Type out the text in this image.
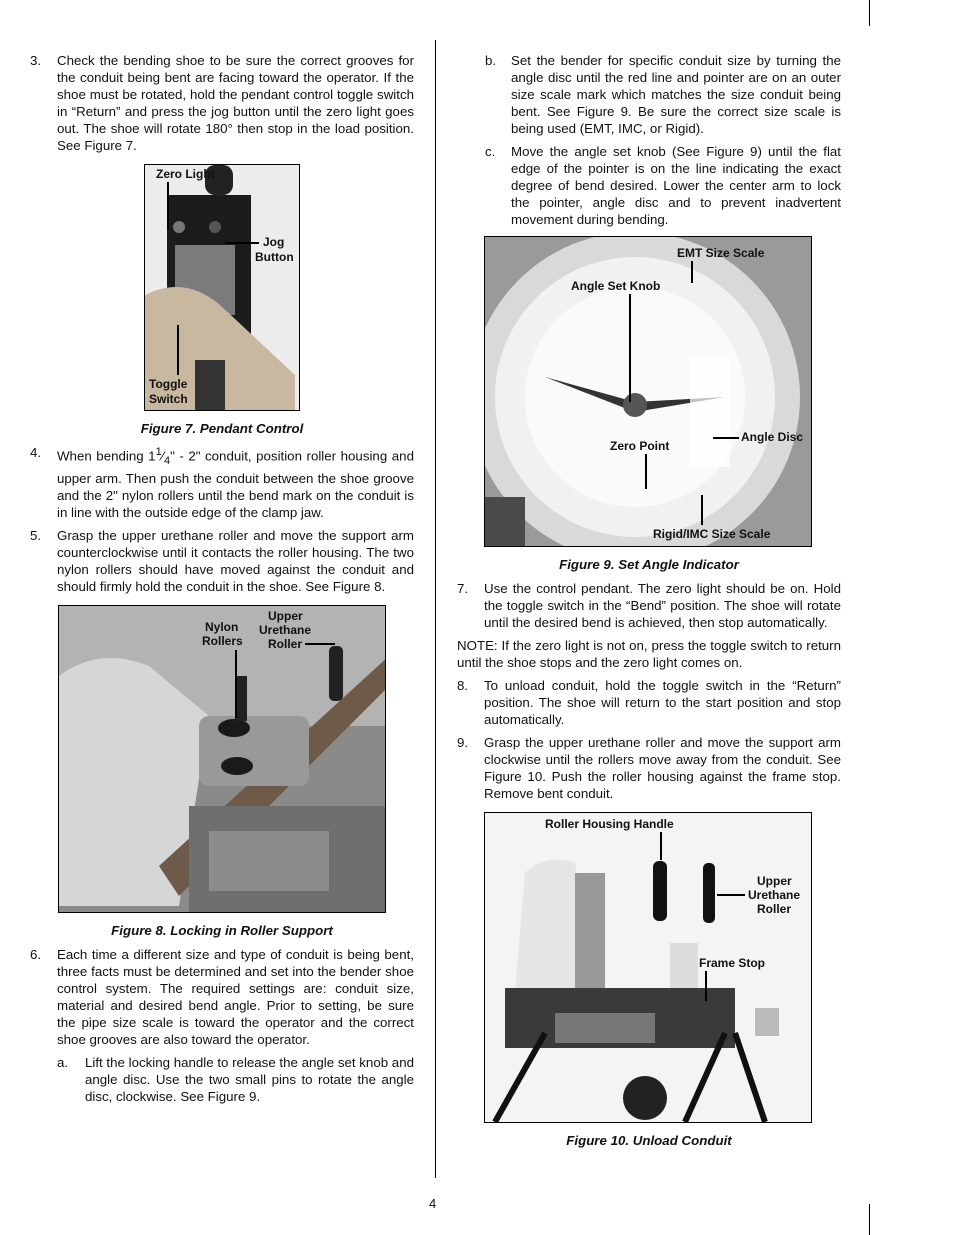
3. Check the bending shoe to be sure the correct grooves for the conduit being bent are facing toward the operator. If the shoe must be rotated, hold the pendant control toggle switch in “Return” and press the jog button until the zero light goes out. The shoe will rotate 180° then stop in the load position. See Figure 7.
Zero Light
Jog
Button
Toggle
Switch
Figure 7. Pendant Control
4. When bending $1^1⁄_4$" - 2" conduit, position roller housing and upper arm. Then push the conduit between the shoe groove and the 2" nylon rollers until the bend mark on the conduit is in line with the outside edge of the clamp jaw.
5. Grasp the upper urethane roller and move the support arm counterclockwise until it contacts the roller housing. The two nylon rollers should have moved against the conduit and should firmly hold the conduit in the shoe. See Figure 8.
Nylon
Rollers
Upper
Urethane
Roller
Figure 8. Locking in Roller Support
6. Each time a different size and type of conduit is being bent, three facts must be determined and set into the bender shoe control system. The required settings are: conduit size, material and desired bend angle. Prior to setting, be sure the pipe size scale is toward the operator and the correct shoe grooves are also toward the operator.
a. Lift the locking handle to release the angle set knob and angle disc. Use the two small pins to rotate the angle disc, clockwise. See Figure 9.
b. Set the bender for specific conduit size by turning the angle disc until the red line and pointer are on an outer size scale mark which matches the size conduit being bent. See Figure 9. Be sure the correct size scale is being used (EMT, IMC, or Rigid).
c. Move the angle set knob (See Figure 9) until the flat edge of the pointer is on the line indicating the exact degree of bend desired. Lower the center arm to lock the pointer, angle disc and to prevent inadvertent movement during bending.
EMT Size Scale
Angle Set Knob
Zero Point
Angle Disc
Rigid/IMC Size Scale
Figure 9. Set Angle Indicator
7. Use the control pendant. The zero light should be on. Hold the toggle switch in the “Bend” position. The shoe will rotate until the desired bend is achieved, then stop automatically.
NOTE: If the zero light is not on, press the toggle switch to return until the shoe stops and the zero light comes on.
8. To unload conduit, hold the toggle switch in the “Return” position. The shoe will return to the start position and stop automatically.
9. Grasp the upper urethane roller and move the support arm clockwise until the rollers move away from the conduit. See Figure 10. Push the roller housing against the frame stop. Remove bent conduit.
Roller Housing Handle
Upper
Urethane
Roller
Frame Stop
Figure 10. Unload Conduit
4
